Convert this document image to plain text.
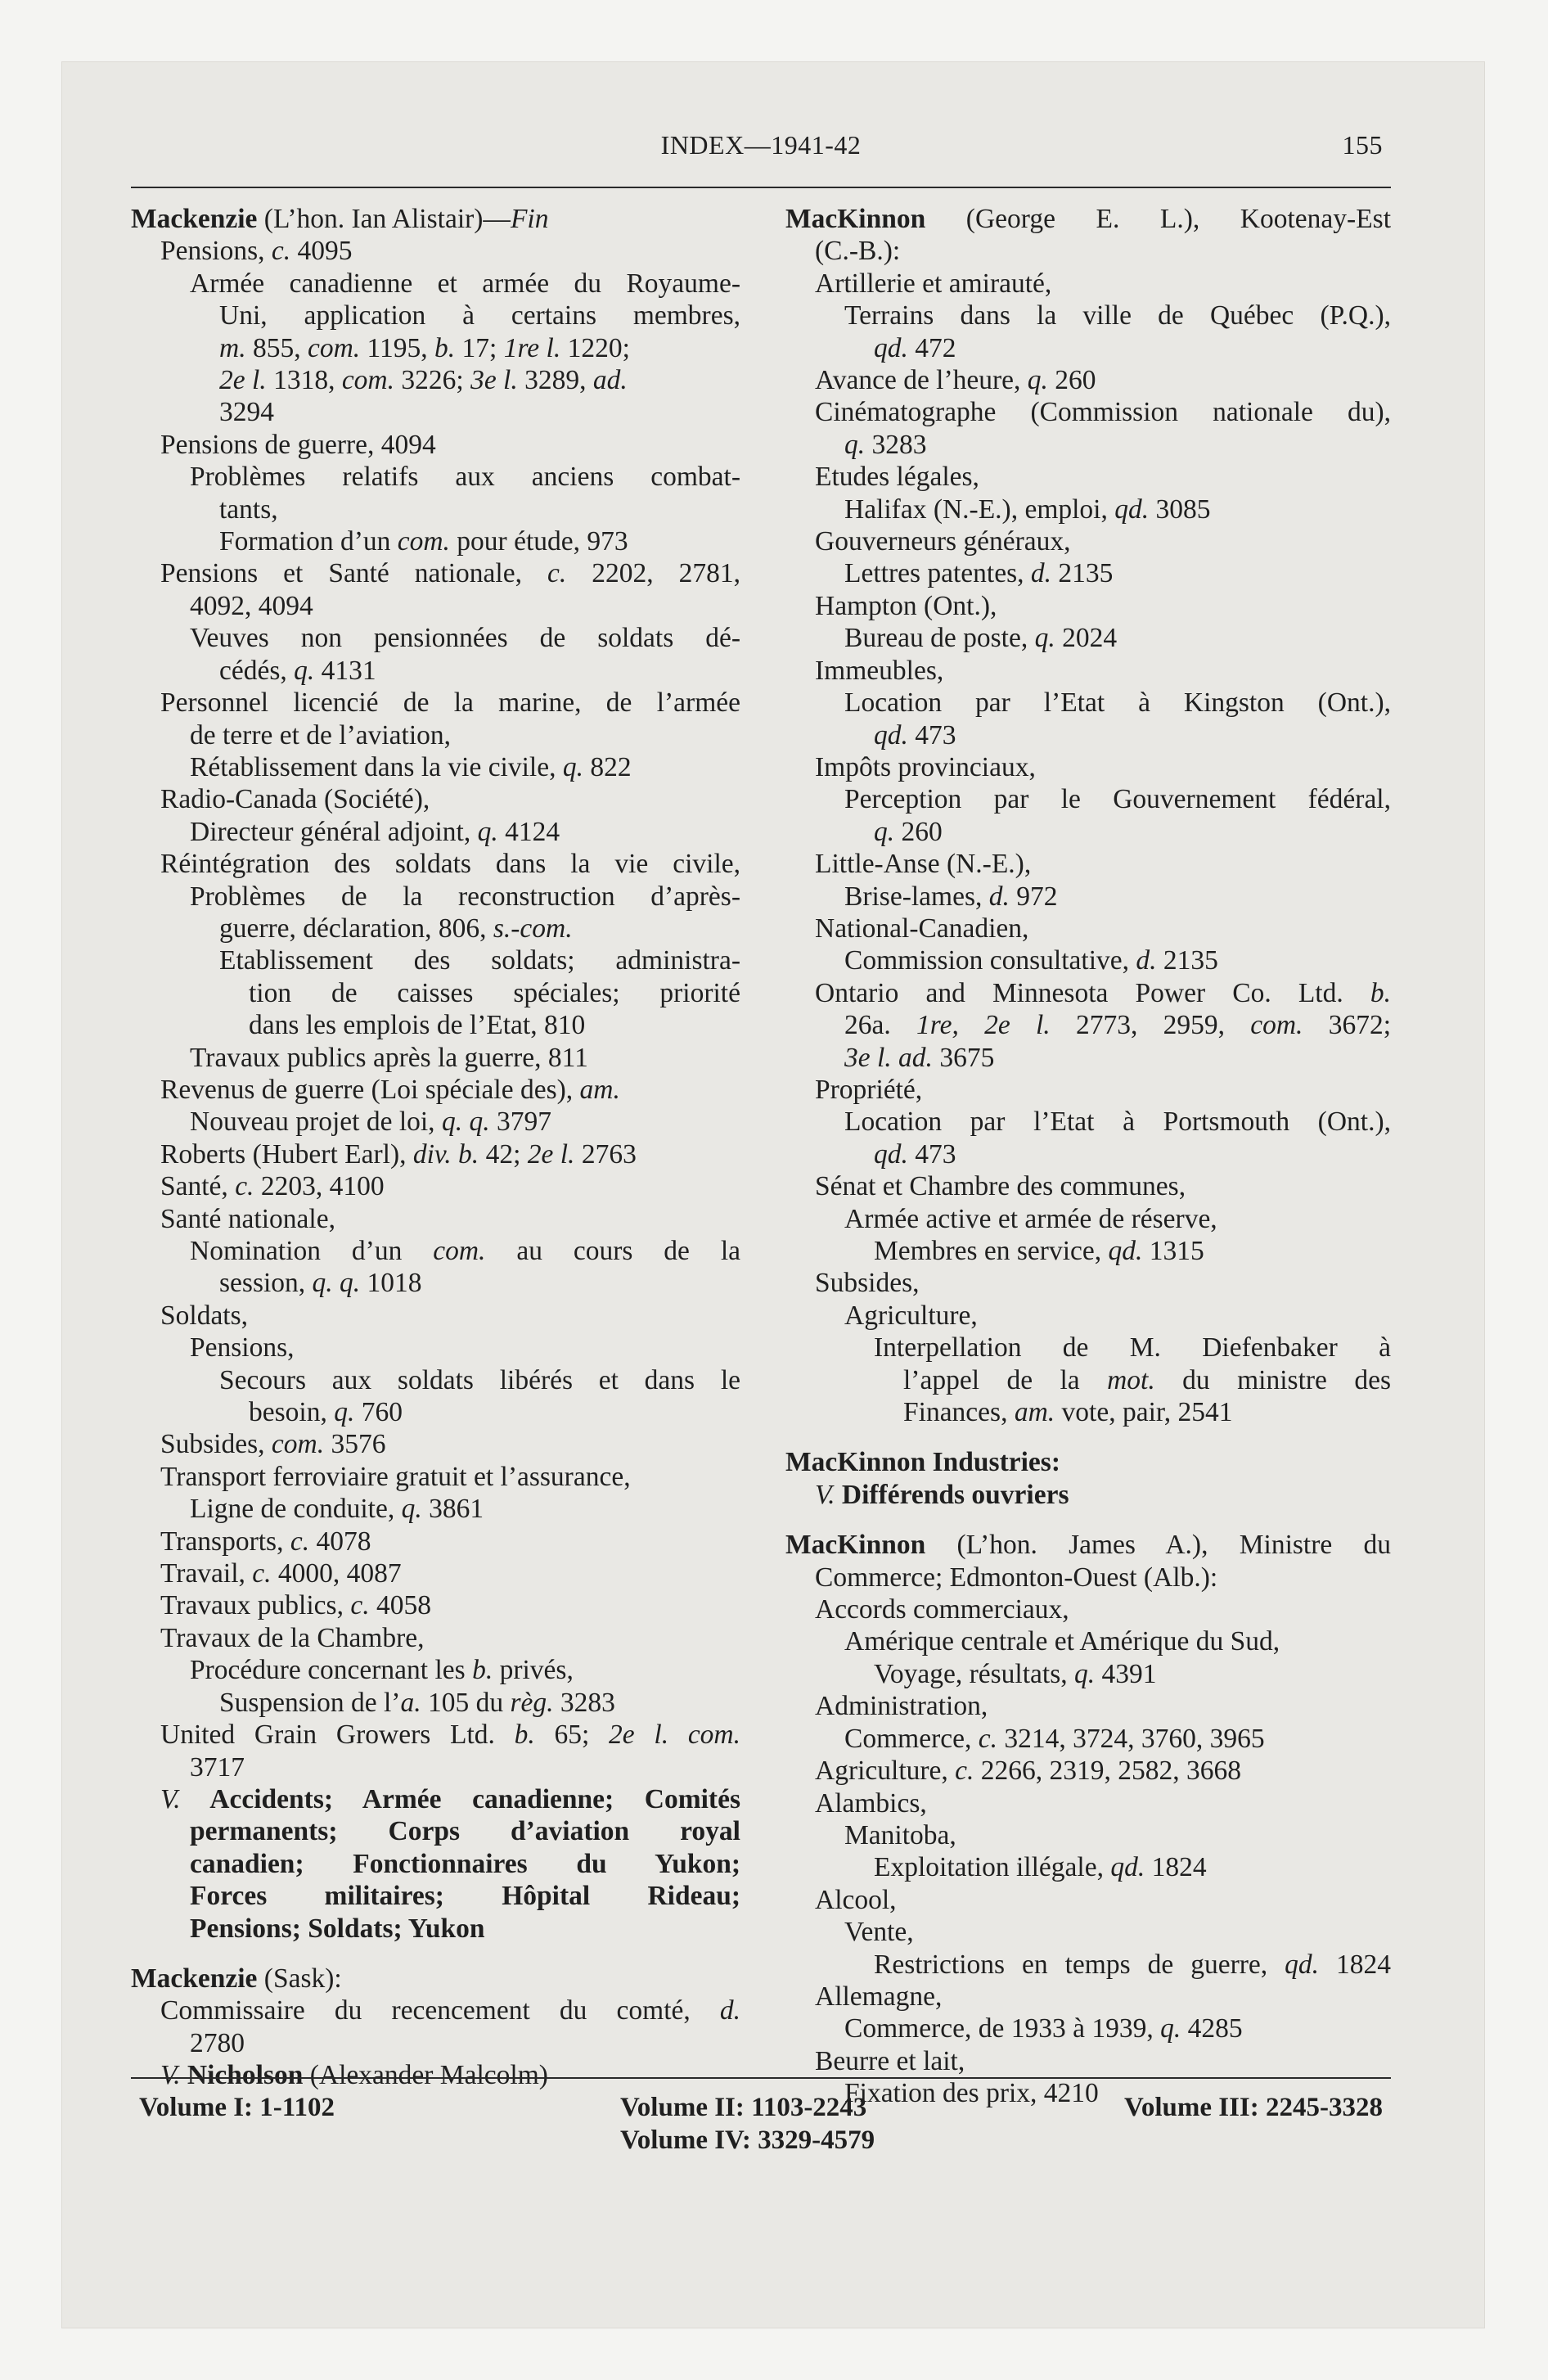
INDEX—1941-42	155
Mackenzie (L’hon. Ian Alistair)—Fin
Pensions, c. 4095
Armée canadienne et armée du Royaume-
Uni, application à certains membres,
m. 855, com. 1195, b. 17; 1re l. 1220;
2e l. 1318, com. 3226; 3e l. 3289, ad.
3294
Pensions de guerre, 4094
Problèmes relatifs aux anciens combat-
tants,
Formation d’un com. pour étude, 973
Pensions et Santé nationale, c. 2202, 2781,
4092, 4094
Veuves non pensionnées de soldats dé-
cédés, q. 4131
Personnel licencié de la marine, de l’armée
de terre et de l’aviation,
Rétablissement dans la vie civile, q. 822
Radio-Canada (Société),
Directeur général adjoint, q. 4124
Réintégration des soldats dans la vie civile,
Problèmes de la reconstruction d’après-
guerre, déclaration, 806, s.-com.
Etablissement des soldats; administra-
tion de caisses spéciales; priorité
dans les emplois de l’Etat, 810
Travaux publics après la guerre, 811
Revenus de guerre (Loi spéciale des), am.
Nouveau projet de loi, q. q. 3797
Roberts (Hubert Earl), div. b. 42; 2e l. 2763
Santé, c. 2203, 4100
Santé nationale,
Nomination d’un com. au cours de la
session, q. q. 1018
Soldats,
Pensions,
Secours aux soldats libérés et dans le
besoin, q. 760
Subsides, com. 3576
Transport ferroviaire gratuit et l’assurance,
Ligne de conduite, q. 3861
Transports, c. 4078
Travail, c. 4000, 4087
Travaux publics, c. 4058
Travaux de la Chambre,
Procédure concernant les b. privés,
Suspension de l’a. 105 du règ. 3283
United Grain Growers Ltd. b. 65; 2e l. com.
3717
V. Accidents; Armée canadienne; Comités
permanents; Corps d’aviation royal
canadien; Fonctionnaires du Yukon;
Forces militaires; Hôpital Rideau;
Pensions; Soldats; Yukon
Mackenzie (Sask):
Commissaire du recencement du comté, d.
2780
V. Nicholson (Alexander Malcolm)
MacKinnon (George E. L.), Kootenay-Est
(C.-B.):
Artillerie et amirauté,
Terrains dans la ville de Québec (P.Q.),
qd. 472
Avance de l’heure, q. 260
Cinématographe (Commission nationale du),
q. 3283
Etudes légales,
Halifax (N.-E.), emploi, qd. 3085
Gouverneurs généraux,
Lettres patentes, d. 2135
Hampton (Ont.),
Bureau de poste, q. 2024
Immeubles,
Location par l’Etat à Kingston (Ont.),
qd. 473
Impôts provinciaux,
Perception par le Gouvernement fédéral,
q. 260
Little-Anse (N.-E.),
Brise-lames, d. 972
National-Canadien,
Commission consultative, d. 2135
Ontario and Minnesota Power Co. Ltd. b.
26a. 1re, 2e l. 2773, 2959, com. 3672;
3e l. ad. 3675
Propriété,
Location par l’Etat à Portsmouth (Ont.),
qd. 473
Sénat et Chambre des communes,
Armée active et armée de réserve,
Membres en service, qd. 1315
Subsides,
Agriculture,
Interpellation de M. Diefenbaker à
l’appel de la mot. du ministre des
Finances, am. vote, pair, 2541
MacKinnon Industries:
V. Différends ouvriers
MacKinnon (L’hon. James A.), Ministre du
Commerce; Edmonton-Ouest (Alb.):
Accords commerciaux,
Amérique centrale et Amérique du Sud,
Voyage, résultats, q. 4391
Administration,
Commerce, c. 3214, 3724, 3760, 3965
Agriculture, c. 2266, 2319, 2582, 3668
Alambics,
Manitoba,
Exploitation illégale, qd. 1824
Alcool,
Vente,
Restrictions en temps de guerre, qd. 1824
Allemagne,
Commerce, de 1933 à 1939, q. 4285
Beurre et lait,
Fixation des prix, 4210
Volume I: 1-1102	Volume II: 1103-2243
Volume IV: 3329-4579
Volume III: 2245-3328
